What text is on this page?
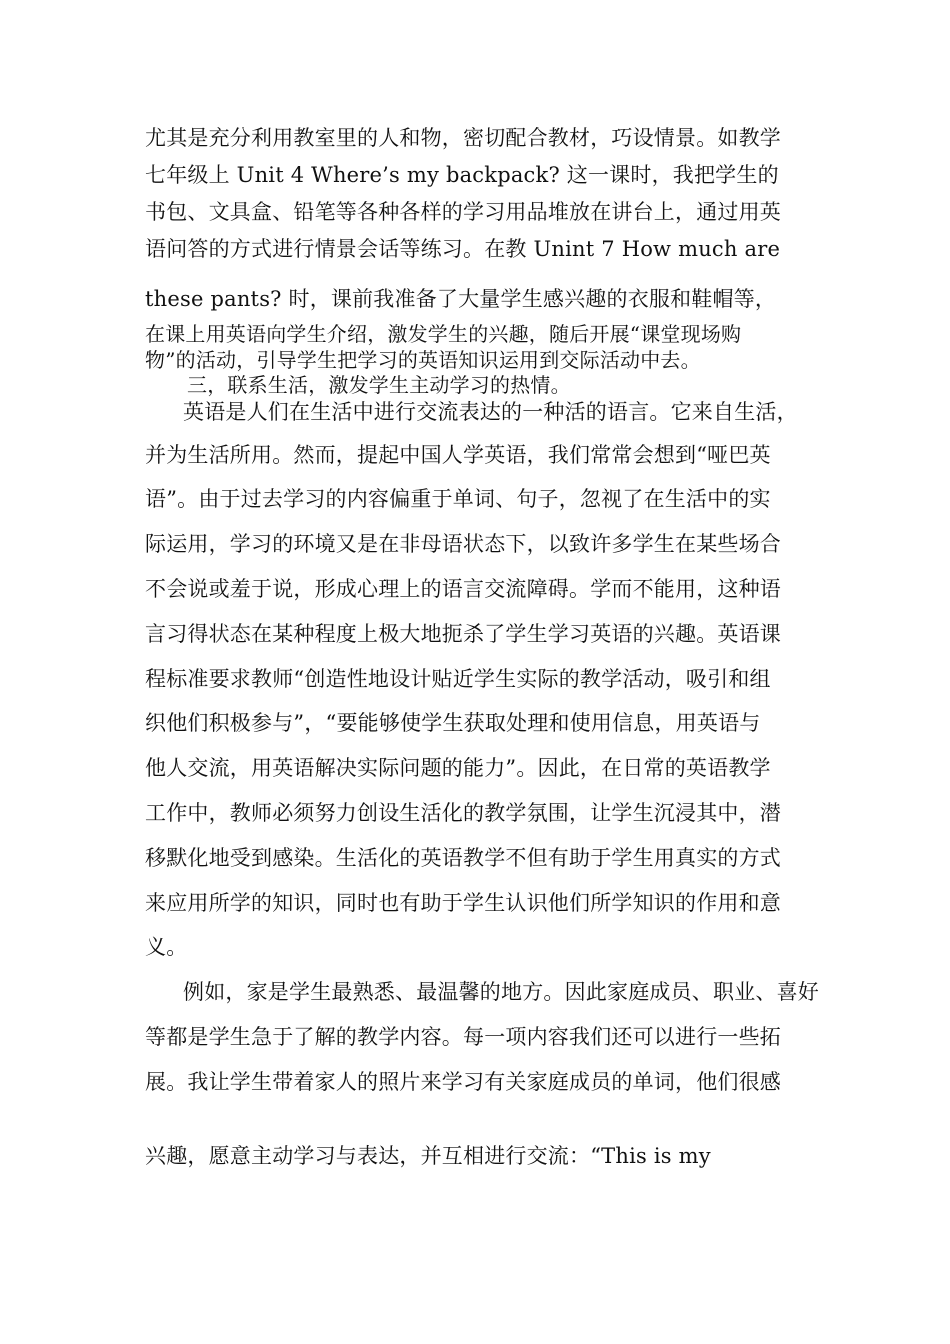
尤其是充分利用教室里的人和物，密切配合教材，巧设情景。如教学
七年级上 Unit 4 Where’s my backpack? 这一课时，我把学生的
书包、文具盒、铅笔等各种各样的学习用品堆放在讲台上，通过用英
语问答的方式进行情景会话等练习。在教 Unint 7 How much are
these pants? 时，课前我准备了大量学生感兴趣的衣服和鞋帽等，
在课上用英语向学生介绍，激发学生的兴趣，随后开展“课堂现场购
物”的活动，引导学生把学习的英语知识运用到交际活动中去。
三，联系生活，激发学生主动学习的热情。
英语是人们在生活中进行交流表达的一种活的语言。它来自生活，
并为生活所用。然而，提起中国人学英语，我们常常会想到“哑巴英
语”。由于过去学习的内容偏重于单词、句子，忽视了在生活中的实
际运用，学习的环境又是在非母语状态下，以致许多学生在某些场合
不会说或羞于说，形成心理上的语言交流障碍。学而不能用，这种语
言习得状态在某种程度上极大地扼杀了学生学习英语的兴趣。英语课
程标准要求教师“创造性地设计贴近学生实际的教学活动，吸引和组
织他们积极参与”，“要能够使学生获取处理和使用信息，用英语与
他人交流，用英语解决实际问题的能力”。因此，在日常的英语教学
工作中，教师必须努力创设生活化的教学氛围，让学生沉浸其中，潜
移默化地受到感染。生活化的英语教学不但有助于学生用真实的方式
来应用所学的知识，同时也有助于学生认识他们所学知识的作用和意
义。
例如，家是学生最熟悉、最温馨的地方。因此家庭成员、职业、喜好
等都是学生急于了解的教学内容。每一项内容我们还可以进行一些拓
展。我让学生带着家人的照片来学习有关家庭成员的单词，他们很感
兴趣，愿意主动学习与表达，并互相进行交流：“This is my
